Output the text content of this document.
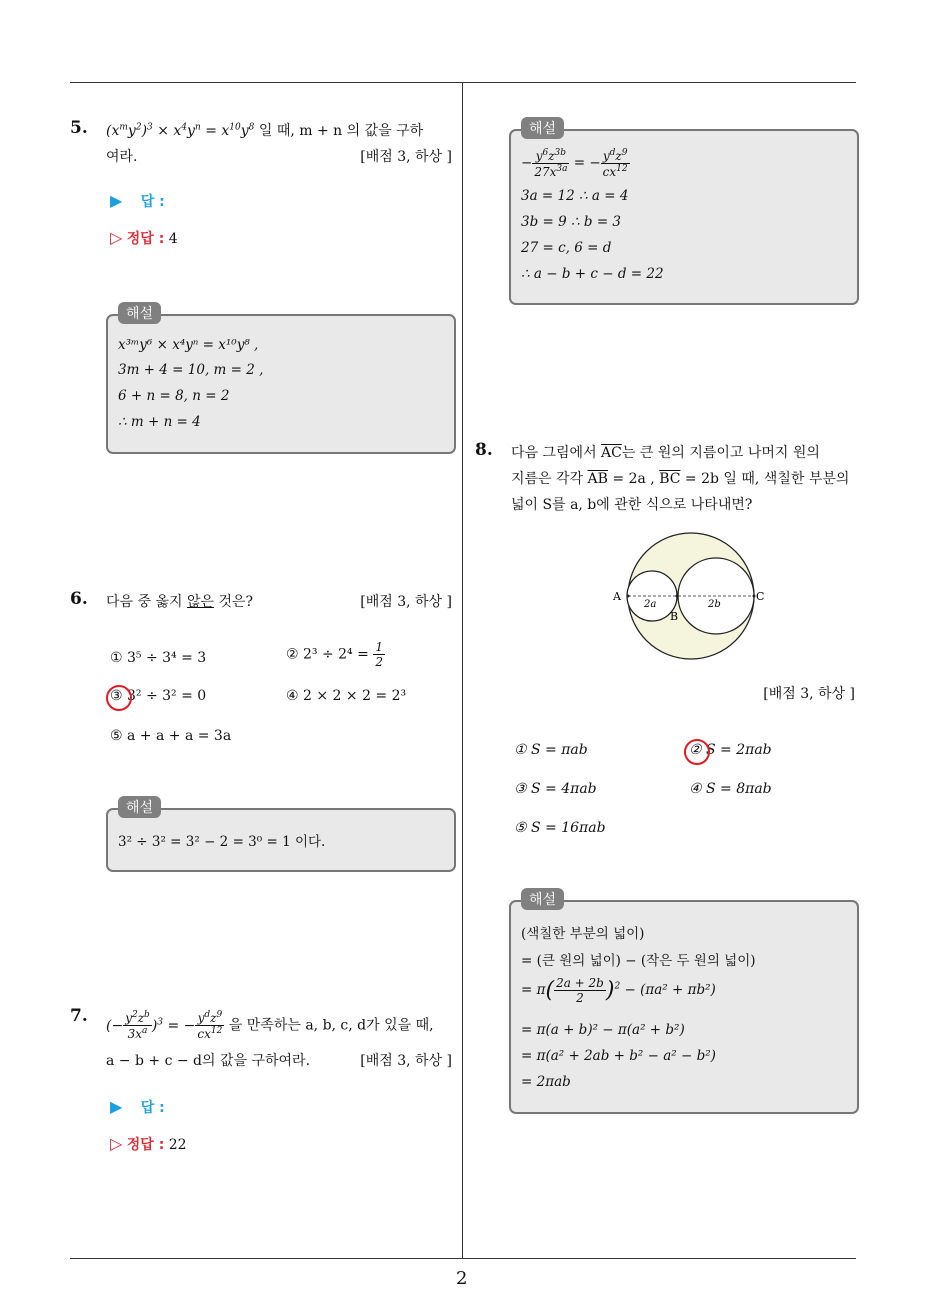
5. $(x^my^2)^3 \times x^4y^n = x^{10}y^8$ 일 때, m + n 의 값을 구하
여라.	[배점 3, 하상 ]
▶ 답 :
▷ 정답 : 4
해설
x³ᵐy⁶ × x⁴yⁿ = x¹⁰y⁸ ,
3m + 4 = 10, m = 2 ,
6 + n = 8, n = 2
∴ m + n = 4
6. 다음 중 옳지 않은 것은?	[배점 3, 하상 ]
① 3⁵ ÷ 3⁴ = 3	② $2^3 \div 2^4 = \frac{1}{2}$
③ 3² ÷ 3² = 0	④ 2 × 2 × 2 = 2³
⑤ a + a + a = 3a
해설
3² ÷ 3² = 3² − 2 = 3⁰ = 1 이다.
7. (− $\frac{y^2z^b}{3x^a} )^3$ = − $\frac{y^dz^9}{cx^{12}}$ 을 만족하는 a, b, c, d가 있을 때,
a − b + c − d의 값을 구하여라.	[배점 3, 하상 ]
▶ 답 :
▷ 정답 : 22
해설
− $\frac{y^6z^{3b}}{27x^{3a}}$ = − $\frac{y^dz^9}{cx^{12}}$
3a = 12 ∴ a = 4
3b = 9 ∴ b = 3
27 = c, 6 = d
∴ a − b + c − d = 22
8. 다음 그림에서 $\overline{AC}$는 큰 원의 지름이고 나머지 원의
지름은 각각 $\overline{AB} = 2a$ , $\overline{BC} = 2b$ 일 때, 색칠한 부분의
넓이 S를 a, b에 관한 식으로 나타내면?
A
B
C
2a	2b
[배점 3, 하상 ]
① S = πab	② S = 2πab
③ S = 4πab	④ S = 8πab
⑤ S = 16πab
해설
(색칠한 부분의 넓이)
= (큰 원의 넓이) − (작은 두 원의 넓이)
= $\pi( \frac{2a + 2b}{2} )^2 - (\pi a^2 + \pi b^2)$
= π(a + b)² − π(a² + b²)
= π(a² + 2ab + b² − a² − b²)
= 2πab
2
